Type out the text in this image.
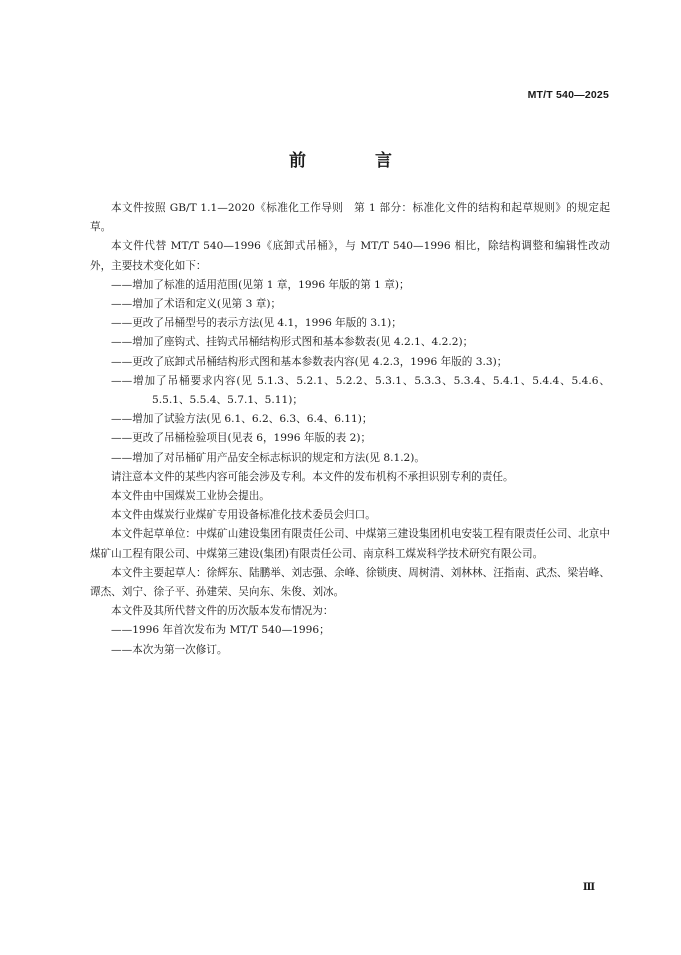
MT/T 540—2025
前　言

本文件按照 GB/T 1.1—2020《标准化工作导则　第 1 部分：标准化文件的结构和起草规则》的规定起草。

本文件代替 MT/T 540—1996《底卸式吊桶》，与 MT/T 540—1996 相比，除结构调整和编辑性改动外，主要技术变化如下：

——增加了标准的适用范围(见第 1 章，1996 年版的第 1 章)；

——增加了术语和定义(见第 3 章)；

——更改了吊桶型号的表示方法(见 4.1，1996 年版的 3.1)；

——增加了座钩式、挂钩式吊桶结构形式图和基本参数表(见 4.2.1、4.2.2)；

——更改了底卸式吊桶结构形式图和基本参数表内容(见 4.2.3，1996 年版的 3.3)；

——增加了吊桶要求内容(见 5.1.3、5.2.1、5.2.2、5.3.1、5.3.3、5.3.4、5.4.1、5.4.4、5.4.6、5.5.1、5.5.4、5.7.1、5.11)；

——增加了试验方法(见 6.1、6.2、6.3、6.4、6.11)；

——更改了吊桶检验项目(见表 6，1996 年版的表 2)；

——增加了对吊桶矿用产品安全标志标识的规定和方法(见 8.1.2)。

请注意本文件的某些内容可能会涉及专利。本文件的发布机构不承担识别专利的责任。

本文件由中国煤炭工业协会提出。

本文件由煤炭行业煤矿专用设备标准化技术委员会归口。

本文件起草单位：中煤矿山建设集团有限责任公司、中煤第三建设集团机电安装工程有限责任公司、北京中煤矿山工程有限公司、中煤第三建设(集团)有限责任公司、南京科工煤炭科学技术研究有限公司。

本文件主要起草人：徐辉东、陆鹏举、刘志强、余峰、徐锁庚、周树清、刘林林、汪指南、武杰、梁岩峰、谭杰、刘宁、徐子平、孙建荣、吴向东、朱俊、刘冰。

本文件及其所代替文件的历次版本发布情况为：

——1996 年首次发布为 MT/T 540—1996；

——本次为第一次修订。

Ⅲ
